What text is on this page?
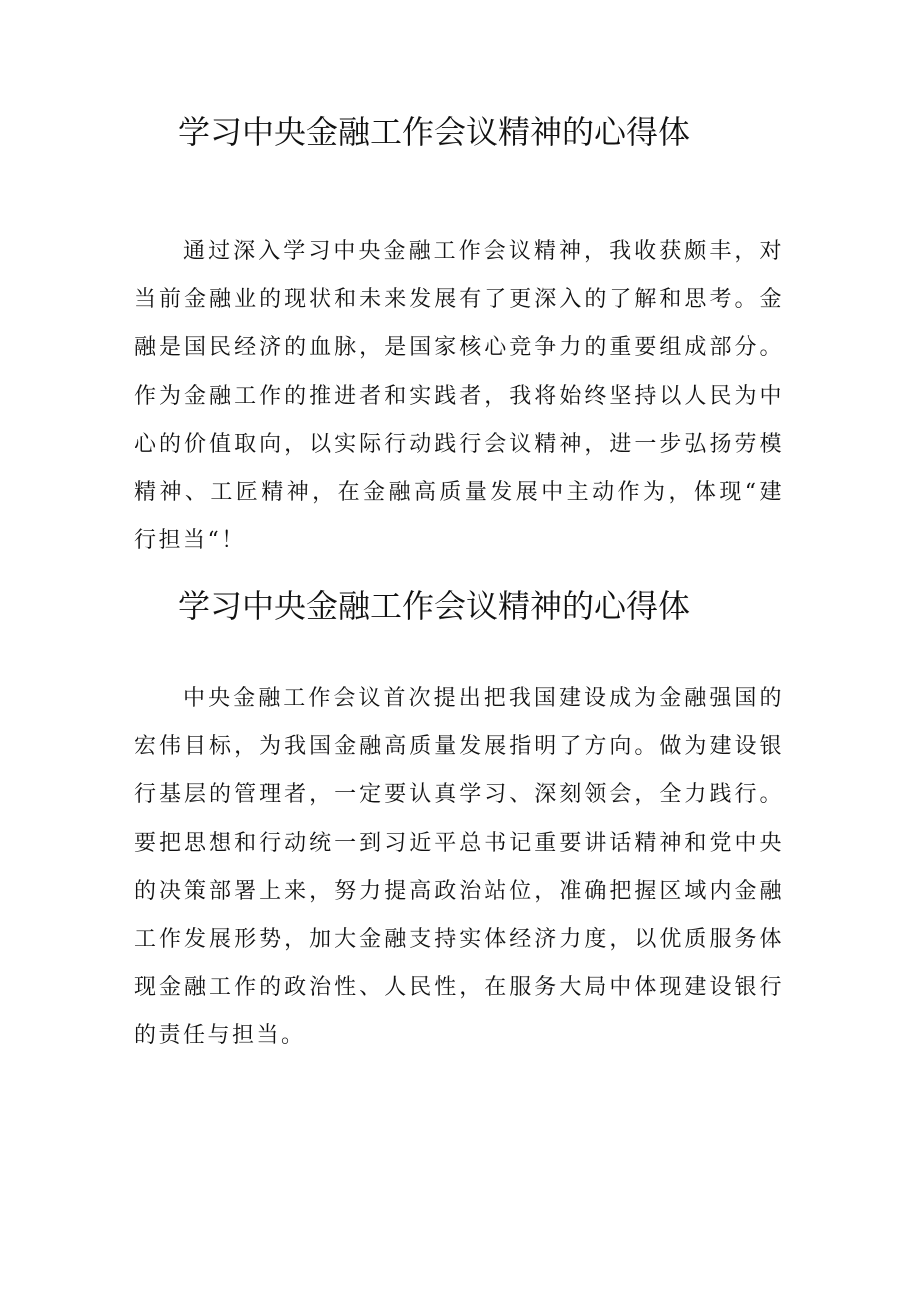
学习中央金融工作会议精神的心得体

通过深入学习中央金融工作会议精神，我收获颇丰，对当前金融业的现状和未来发展有了更深入的了解和思考。金融是国民经济的血脉，是国家核心竞争力的重要组成部分。作为金融工作的推进者和实践者，我将始终坚持以人民为中心的价值取向，以实际行动践行会议精神，进一步弘扬劳模精神、工匠精神，在金融高质量发展中主动作为，体现“建行担当“！

学习中央金融工作会议精神的心得体

中央金融工作会议首次提出把我国建设成为金融强国的宏伟目标，为我国金融高质量发展指明了方向。做为建设银行基层的管理者，一定要认真学习、深刻领会，全力践行。要把思想和行动统一到习近平总书记重要讲话精神和党中央的决策部署上来，努力提高政治站位，准确把握区域内金融工作发展形势，加大金融支持实体经济力度，以优质服务体现金融工作的政治性、人民性，在服务大局中体现建设银行的责任与担当。
